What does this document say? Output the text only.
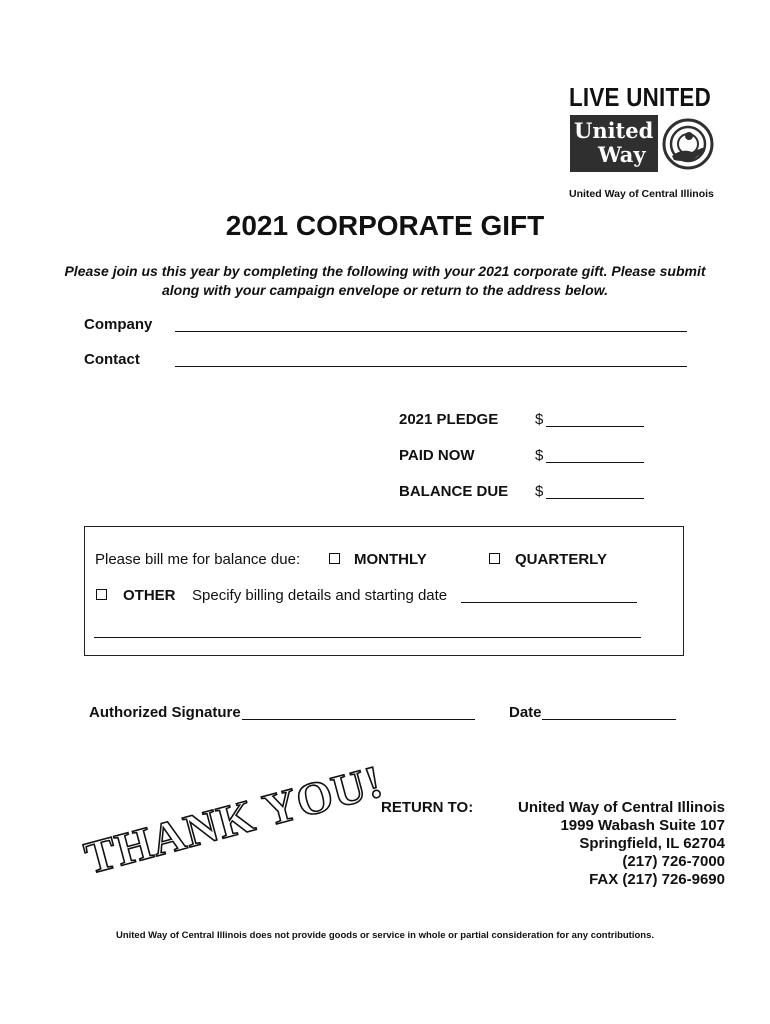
LIVE UNITED
United
Way
United Way of Central Illinois
2021 CORPORATE GIFT
Please join us this year by completing the following with your 2021 corporate gift. Please submit along with your campaign envelope or return to the address below.
Company
Contact
2021 PLEDGE $
PAID NOW	$
BALANCE DUE $
Please bill me for balance due:	MONTHLY	QUARTERLY
OTHER Specify billing details and starting date
Authorized Signature	Date
THANK YOU!
RETURN TO:	United Way of Central Illinois
1999 Wabash Suite 107
Springfield, IL 62704
(217) 726-7000
FAX (217) 726-9690
United Way of Central Illinois does not provide goods or service in whole or partial consideration for any contributions.
